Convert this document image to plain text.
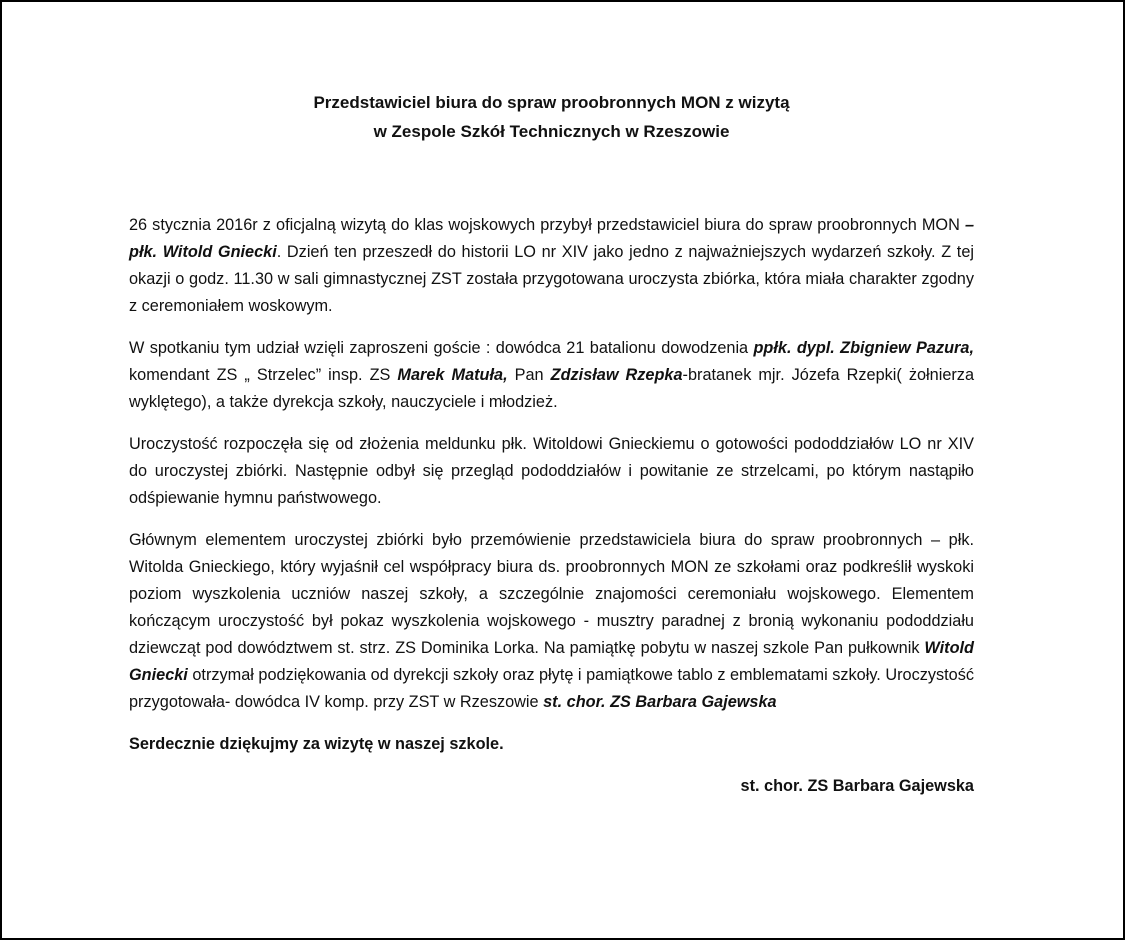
Przedstawiciel biura do spraw proobronnych MON z wizytą
w Zespole Szkół Technicznych w Rzeszowie

26 stycznia 2016r z oficjalną wizytą do klas wojskowych przybył przedstawiciel biura do spraw proobronnych MON – płk. Witold Gniecki. Dzień ten przeszedł do historii LO nr XIV jako jedno z najważniejszych wydarzeń szkoły. Z tej okazji o godz. 11.30 w sali gimnastycznej ZST została przygotowana uroczysta zbiórka, która miała charakter zgodny z ceremoniałem woskowym.

W spotkaniu tym udział wzięli zaproszeni goście : dowódca 21 batalionu dowodzenia ppłk. dypl. Zbigniew Pazura, komendant ZS „ Strzelec” insp. ZS Marek Matuła, Pan Zdzisław Rzepka-bratanek mjr. Józefa Rzepki( żołnierza wyklętego), a także dyrekcja szkoły, nauczyciele i młodzież.

Uroczystość rozpoczęła się od złożenia meldunku płk. Witoldowi Gnieckiemu o gotowości pododdziałów LO nr XIV do uroczystej zbiórki. Następnie odbył się przegląd pododdziałów i powitanie ze strzelcami, po którym nastąpiło odśpiewanie hymnu państwowego.

Głównym elementem uroczystej zbiórki było przemówienie przedstawiciela biura do spraw proobronnych – płk. Witolda Gnieckiego, który wyjaśnił cel współpracy biura ds. proobronnych MON ze szkołami oraz podkreślił wyskoki poziom wyszkolenia uczniów naszej szkoły, a szczególnie znajomości ceremoniału wojskowego. Elementem kończącym uroczystość był pokaz wyszkolenia wojskowego - musztry paradnej z bronią wykonaniu pododdziału dziewcząt pod dowództwem st. strz. ZS Dominika Lorka. Na pamiątkę pobytu w naszej szkole Pan pułkownik Witold Gniecki otrzymał podziękowania od dyrekcji szkoły oraz płytę i pamiątkowe tablo z emblematami szkoły. Uroczystość przygotowała- dowódca IV komp. przy ZST w Rzeszowie st. chor. ZS Barbara Gajewska

Serdecznie dziękujmy za wizytę w naszej szkole.

st. chor. ZS Barbara Gajewska
